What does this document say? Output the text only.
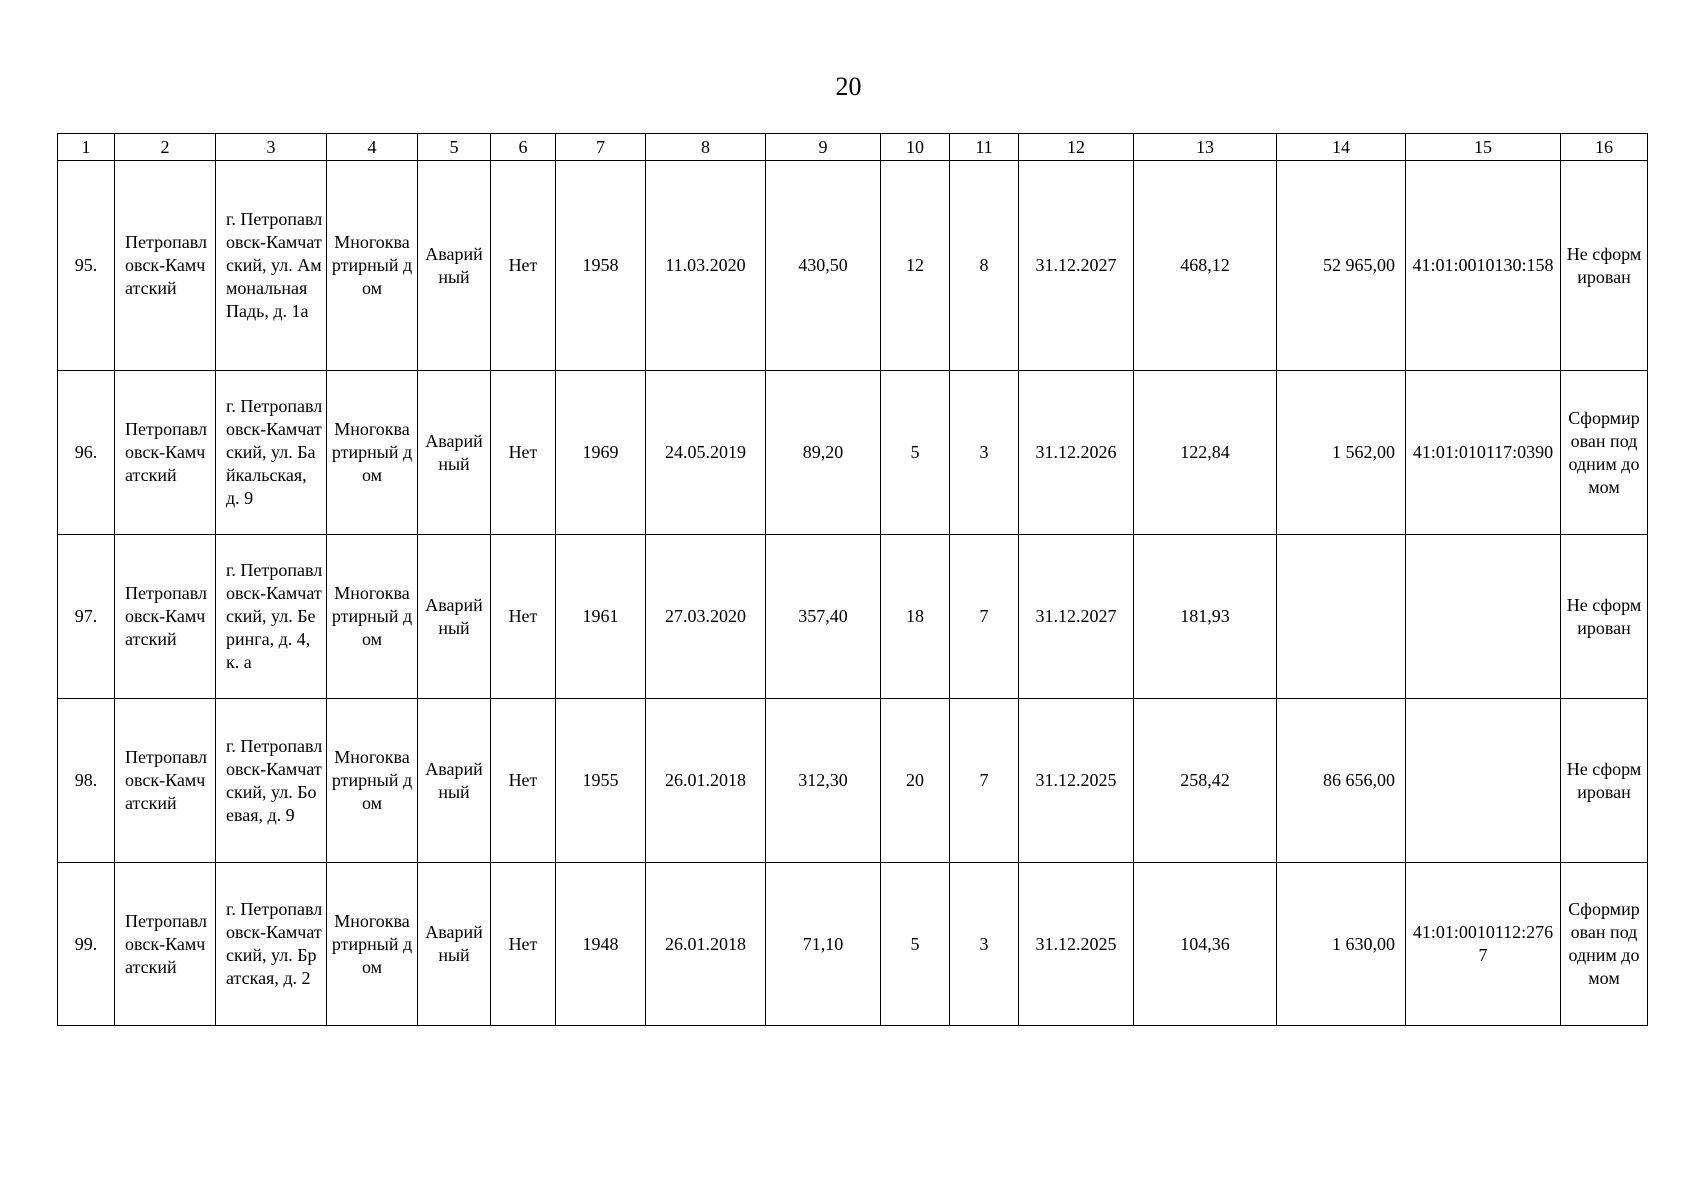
20
1	2	3	4	5	6	7	8	9	10	11	12	13	14	15	16
95.	Петропавловск-Камчатский	г. Петропавловск-Камчатский, ул. Аммональная Падь, д. 1а	Многоквартирный дом	Аварийный	Нет	1958	11.03.2020	430,50	12	8	31.12.2027	468,12	52 965,00	41:01:0010130:158	Не сформирован
96.	Петропавловск-Камчатский	г. Петропавловск-Камчатский, ул. Байкальская, д. 9	Многоквартирный дом	Аварийный	Нет	1969	24.05.2019	89,20	5	3	31.12.2026	122,84	1 562,00	41:01:010117:0390	Сформирован под одним домом
97.	Петропавловск-Камчатский	г. Петропавловск-Камчатский, ул. Беринга, д. 4, к. а	Многоквартирный дом	Аварийный	Нет	1961	27.03.2020	357,40	18	7	31.12.2027	181,93			Не сформирован
98.	Петропавловск-Камчатский	г. Петропавловск-Камчатский, ул. Боевая, д. 9	Многоквартирный дом	Аварийный	Нет	1955	26.01.2018	312,30	20	7	31.12.2025	258,42	86 656,00		Не сформирован
99.	Петропавловск-Камчатский	г. Петропавловск-Камчатский, ул. Братская, д. 2	Многоквартирный дом	Аварийный	Нет	1948	26.01.2018	71,10	5	3	31.12.2025	104,36	1 630,00	41:01:0010112:2767	Сформирован под одним домом
